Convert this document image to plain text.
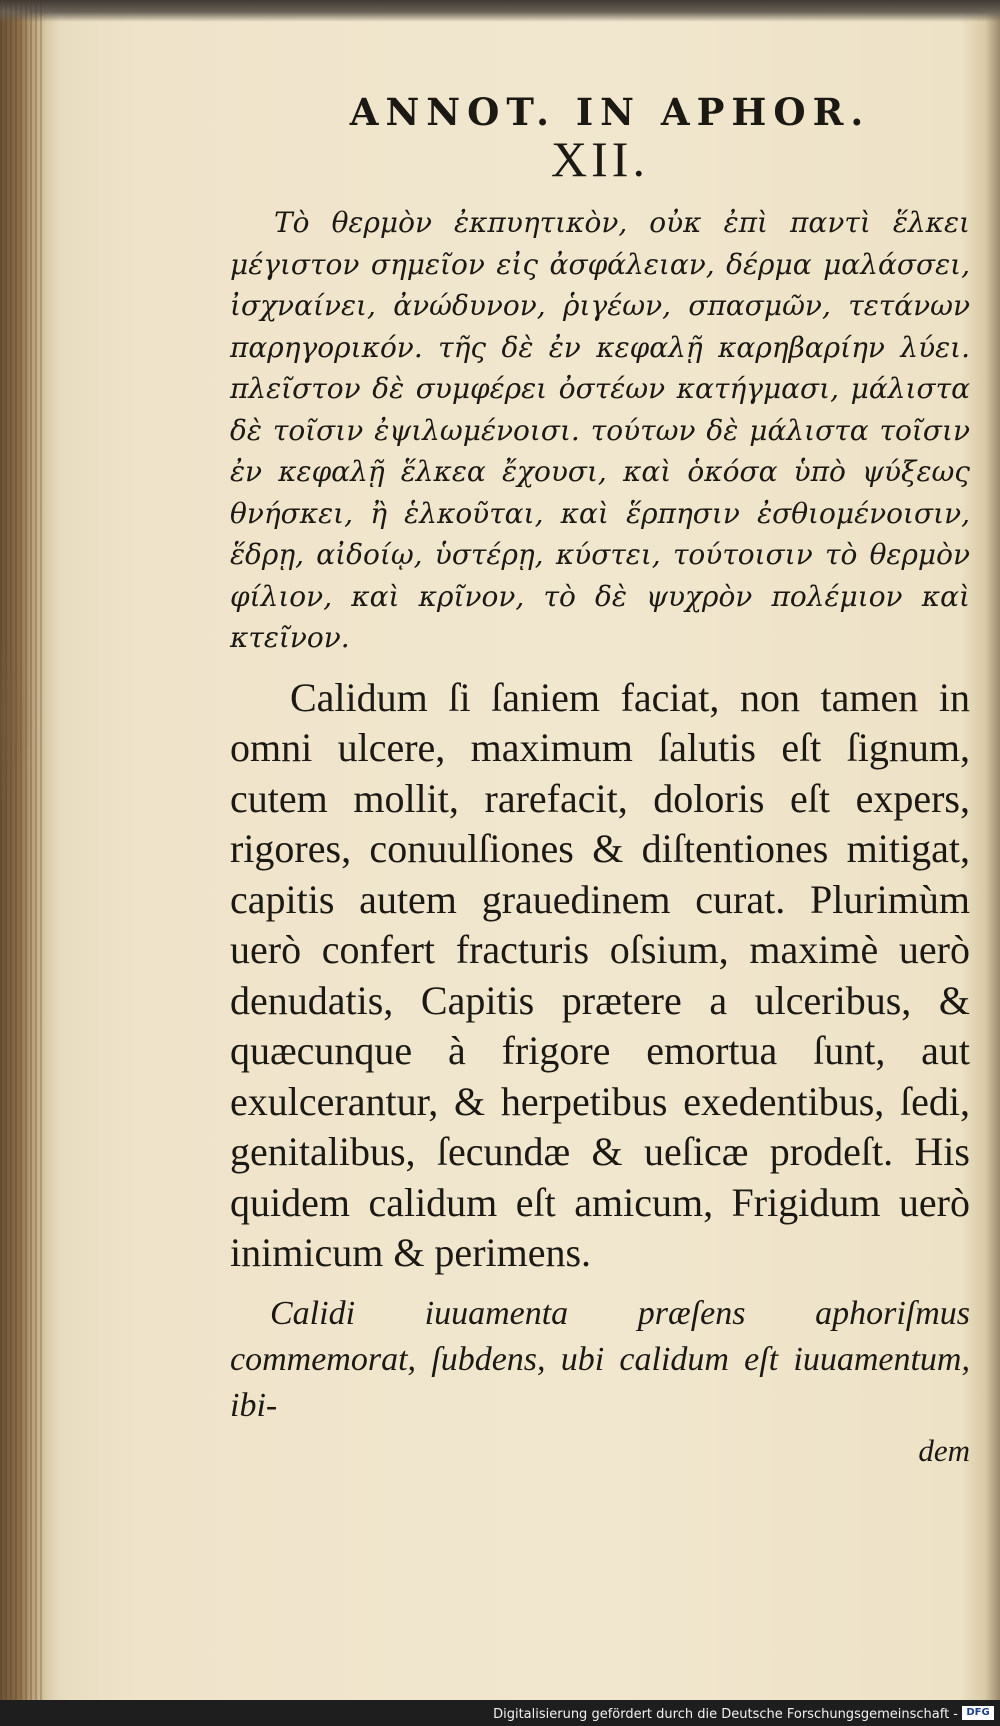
ANNOT. IN APHOR.
XII.

Τὸ θερμὸν ἐκπυητικὸν, οὐκ ἐπὶ παντὶ ἕλκει μέγιστον σημεῖον εἰς ἀσφάλειαν, δέρμα μαλάσσει, ἰσχναίνει, ἀνώδυνον, ῥιγέων, σπασμῶν, τετάνων παρηγορικόν. τῆς δὲ ἐν κεφαλῇ καρηβαρίην λύει. πλεῖστον δὲ συμφέρει ὀστέων κατήγμασι, μάλιστα δὲ τοῖσιν ἐψιλωμένοισι. τούτων δὲ μάλιστα τοῖσιν ἐν κεφαλῇ ἕλκεα ἔχουσι, καὶ ὁκόσα ὑπὸ ψύξεως θνήσκει, ἢ ἑλκοῦται, καὶ ἕρπησιν ἐσθιομένοισιν, ἕδρῃ, αἰδοίῳ, ὑστέρῃ, κύστει, τούτοισιν τὸ θερμὸν φίλιον, καὶ κρῖνον, τὸ δὲ ψυχρὸν πολέμιον καὶ κτεῖνον.

Calidum ſi ſaniem faciat, non tamen in omni ulcere, maximum ſalutis eſt ſignum, cutem mollit, rarefacit, doloris eſt expers, rigores, conuulſiones & diſtentiones mitigat, capitis autem grauedinem curat. Plurimùm uerò confert fracturis oſsium, maximè uerò denudatis, Capitis prætere a ulceribus, & quæcunque à frigore emortua ſunt, aut exulcerantur, & herpetibus exedentibus, ſedi, genitalibus, ſecundæ & ueſicæ prodeſt. His quidem calidum eſt amicum, Frigidum uerò inimicum & perimens.

Calidi iuuamenta præſens aphoriſmus commemorat, ſubdens, ubi calidum eſt iuuamentum, ibi-

dem
Digitalisierung gefördert durch die Deutsche Forschungsgemeinschaft - DFG
